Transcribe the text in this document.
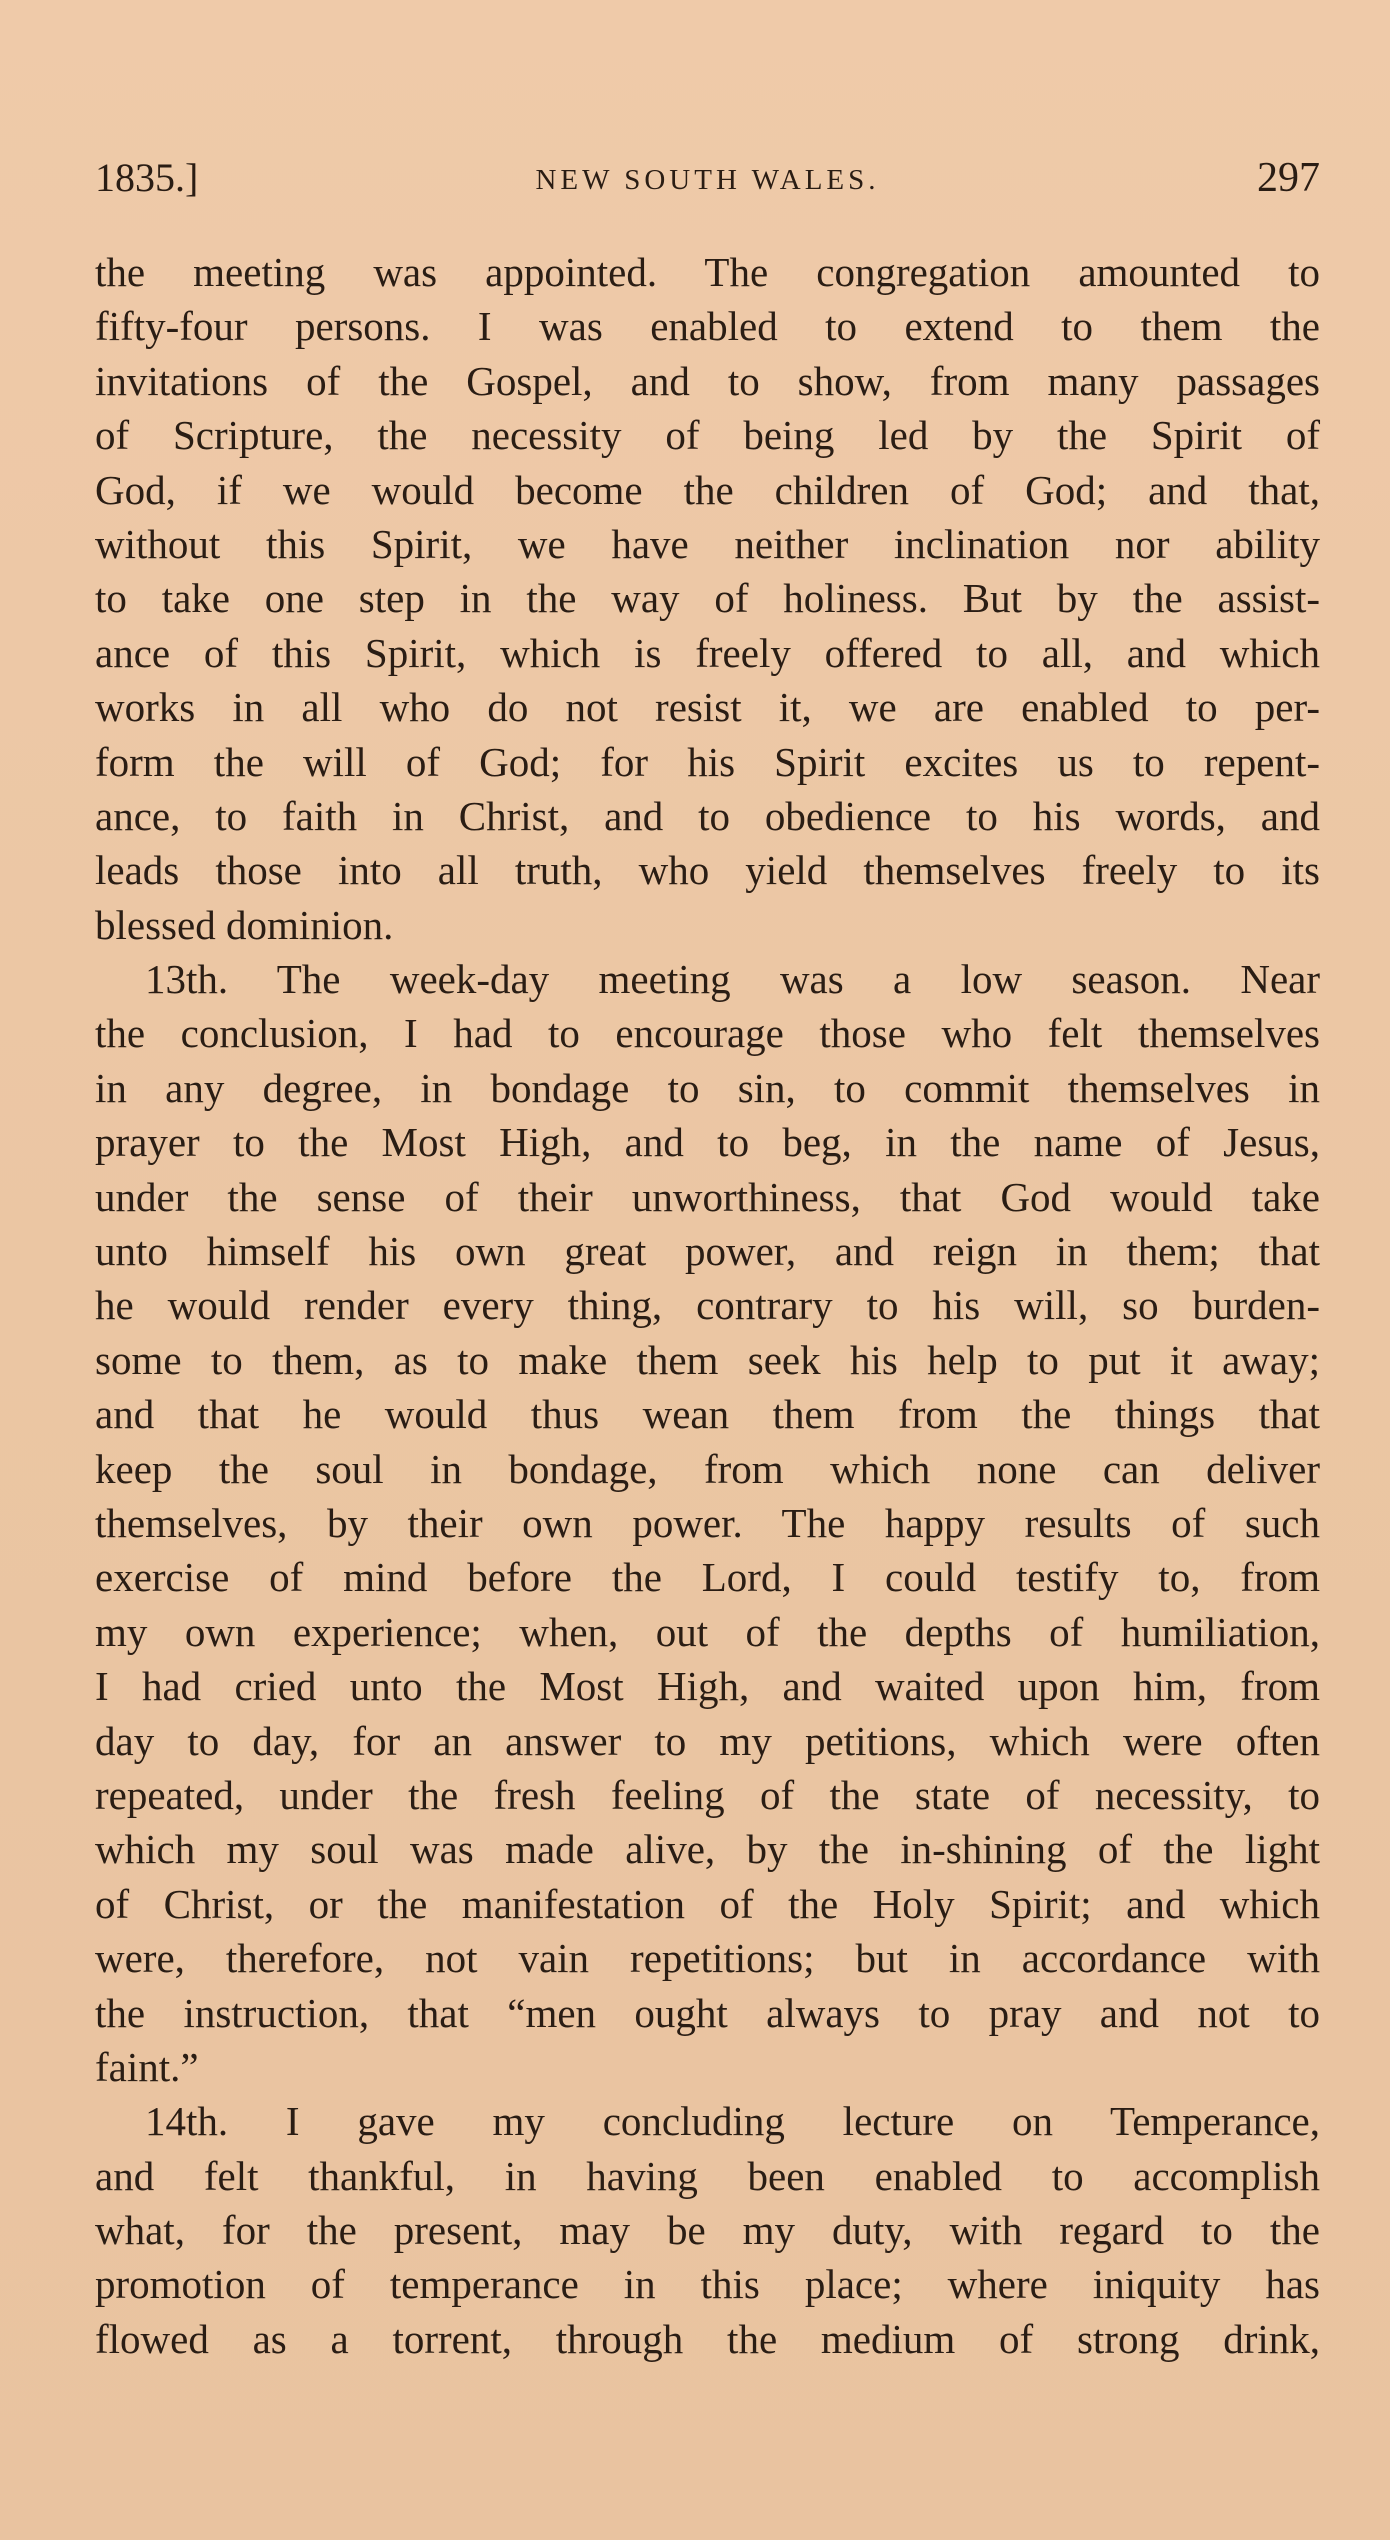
1835.]	NEW SOUTH WALES.	297
the meeting was appointed. The congregation amounted to
fifty-four persons. I was enabled to extend to them the
invitations of the Gospel, and to show, from many passages
of Scripture, the necessity of being led by the Spirit of
God, if we would become the children of God; and that,
without this Spirit, we have neither inclination nor ability
to take one step in the way of holiness. But by the assist-
ance of this Spirit, which is freely offered to all, and which
works in all who do not resist it, we are enabled to per-
form the will of God; for his Spirit excites us to repent-
ance, to faith in Christ, and to obedience to his words, and
leads those into all truth, who yield themselves freely to its
blessed dominion.
13th. The week-day meeting was a low season. Near
the conclusion, I had to encourage those who felt themselves
in any degree, in bondage to sin, to commit themselves in
prayer to the Most High, and to beg, in the name of Jesus,
under the sense of their unworthiness, that God would take
unto himself his own great power, and reign in them; that
he would render every thing, contrary to his will, so burden-
some to them, as to make them seek his help to put it away;
and that he would thus wean them from the things that
keep the soul in bondage, from which none can deliver
themselves, by their own power. The happy results of such
exercise of mind before the Lord, I could testify to, from
my own experience; when, out of the depths of humiliation,
I had cried unto the Most High, and waited upon him, from
day to day, for an answer to my petitions, which were often
repeated, under the fresh feeling of the state of necessity, to
which my soul was made alive, by the in-shining of the light
of Christ, or the manifestation of the Holy Spirit; and which
were, therefore, not vain repetitions; but in accordance with
the instruction, that “men ought always to pray and not to
faint.”
14th. I gave my concluding lecture on Temperance,
and felt thankful, in having been enabled to accomplish
what, for the present, may be my duty, with regard to the
promotion of temperance in this place; where iniquity has
flowed as a torrent, through the medium of strong drink,
